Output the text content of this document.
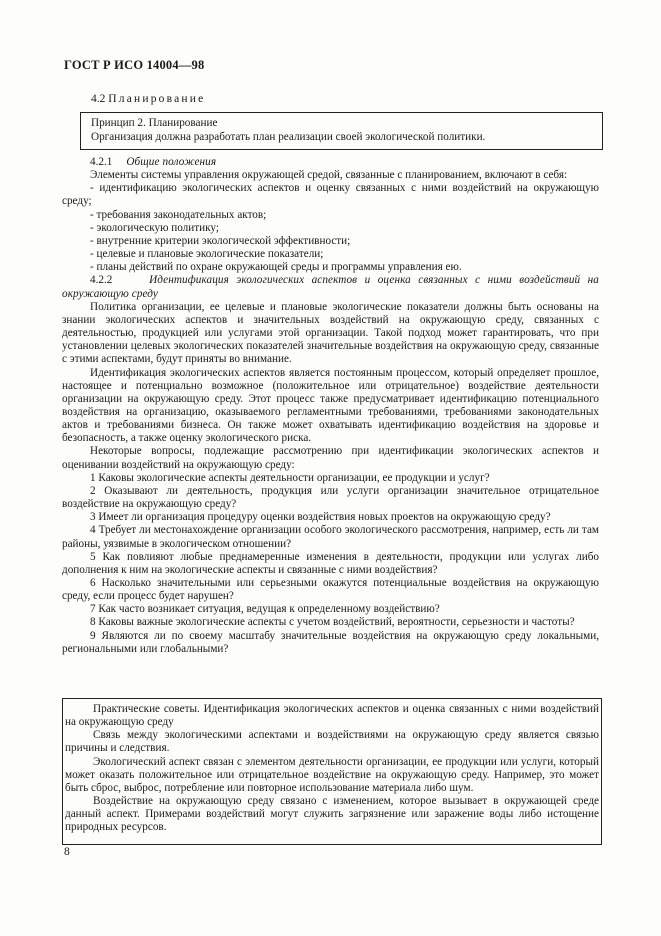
ГОСТ Р ИСО 14004—98
4.2 Планирование
Принцип 2. Планирование
Организация должна разработать план реализации своей экологической политики.

4.2.1 Общие положения

Элементы системы управления окружающей средой, связанные с планированием, включают в себя:

- идентификацию экологических аспектов и оценку связанных с ними воздействий на окружающую среду;

- требования законодательных актов;

- экологическую политику;

- внутренние критерии экологической эффективности;

- целевые и плановые экологические показатели;

- планы действий по охране окружающей среды и программы управления ею.

4.2.2	Идентификация экологических аспектов и оценка связанных с ними воздействий на окружающую среду

Политика организации, ее целевые и плановые экологические показатели должны быть основаны на знании экологических аспектов и значительных воздействий на окружающую среду, связанных с деятельностью, продукцией или услугами этой организации. Такой подход может гарантировать, что при установлении целевых экологических показателей значительные воздействия на окружающую среду, связанные с этими аспектами, будут приняты во внимание.

Идентификация экологических аспектов является постоянным процессом, который определяет прошлое, настоящее и потенциально возможное (положительное или отрицательное) воздействие деятельности организации на окружающую среду. Этот процесс также предусматривает идентификацию потенциального воздействия на организацию, оказываемого регламентными требованиями, требованиями законодательных актов и требованиями бизнеса. Он также может охватывать идентификацию воздействия на здоровье и безопасность, а также оценку экологического риска.

Некоторые вопросы, подлежащие рассмотрению при идентификации экологических аспектов и оценивании воздействий на окружающую среду:

1 Каковы экологические аспекты деятельности организации, ее продукции и услуг?

2 Оказывают ли деятельность, продукция или услуги организации значительное отрицательное воздействие на окружающую среду?

3 Имеет ли организация процедуру оценки воздействия новых проектов на окружающую среду?

4 Требует ли местонахождение организации особого экологического рассмотрения, например, есть ли там районы, уязвимые в экологическом отношении?

5 Как повлияют любые преднамеренные изменения в деятельности, продукции или услугах либо дополнения к ним на экологические аспекты и связанные с ними воздействия?

6 Насколько значительными или серьезными окажутся потенциальные воздействия на окружающую среду, если процесс будет нарушен?

7 Как часто возникает ситуация, ведущая к определенному воздействию?

8 Каковы важные экологические аспекты с учетом воздействий, вероятности, серьезности и частоты?

9 Являются ли по своему масштабу значительные воздействия на окружающую среду локальными, региональными или глобальными?

Практические советы. Идентификация экологических аспектов и оценка связанных с ними воздействий на окружающую среду

Связь между экологическими аспектами и воздействиями на окружающую среду является связью причины и следствия.

Экологический аспект связан с элементом деятельности организации, ее продукции или услуги, который может оказать положительное или отрицательное воздействие на окружающую среду. Например, это может быть сброс, выброс, потребление или повторное использование материала либо шум.

Воздействие на окружающую среду связано с изменением, которое вызывает в окружающей среде данный аспект. Примерами воздействий могут служить загрязнение или заражение воды либо истощение природных ресурсов.

8
